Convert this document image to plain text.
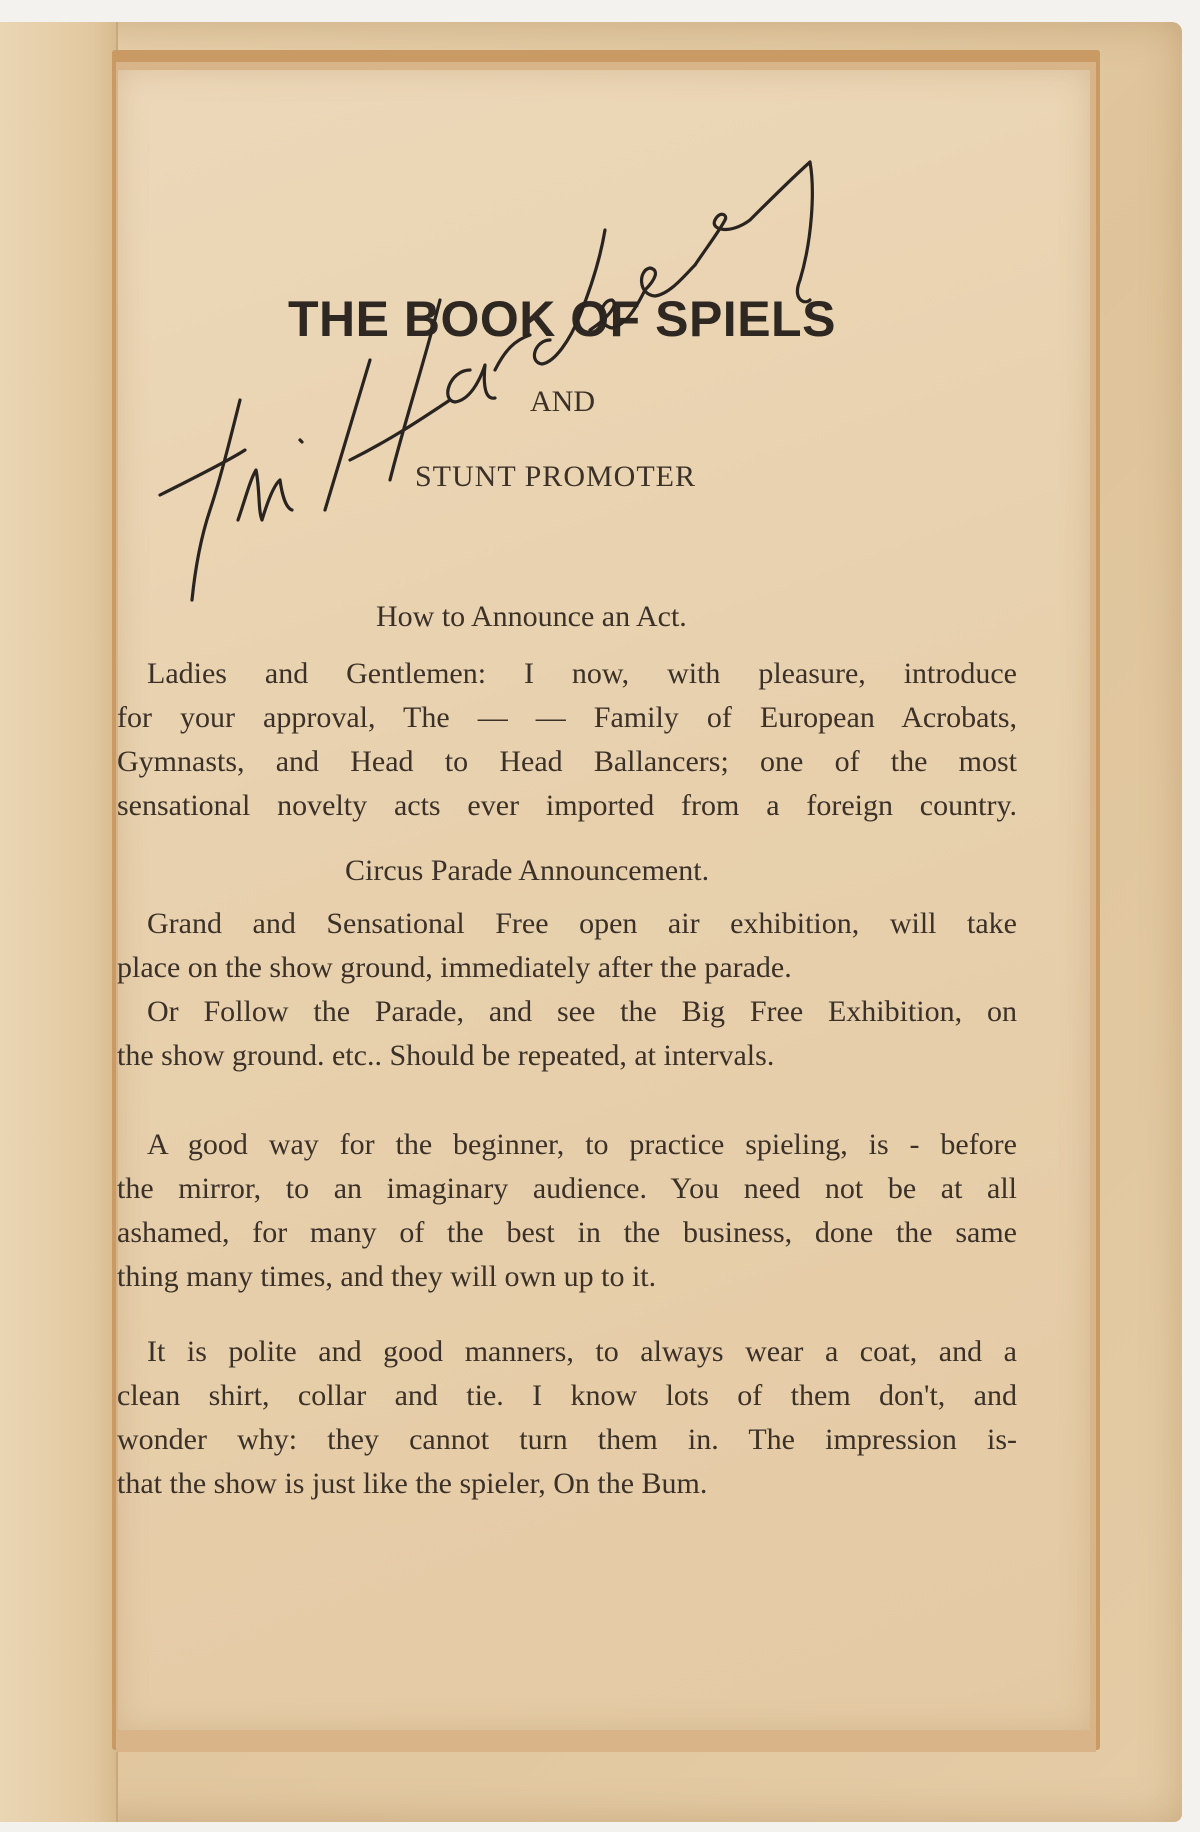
THE BOOK OF SPIELS
AND
STUNT PROMOTER
How to Announce an Act.
Ladies and Gentlemen: I now, with pleasure, introduce
for your approval, The — — Family of European Acrobats,
Gymnasts, and Head to Head Ballancers; one of the most
sensational novelty acts ever imported from a foreign country.
Circus Parade Announcement.
Grand and Sensational Free open air exhibition, will take
place on the show ground, immediately after the parade.
Or Follow the Parade, and see the Big Free Exhibition, on
the show ground. etc.. Should be repeated, at intervals.
A good way for the beginner, to practice spieling, is - before
the mirror, to an imaginary audience. You need not be at all
ashamed, for many of the best in the business, done the same
thing many times, and they will own up to it.
It is polite and good manners, to always wear a coat, and a
clean shirt, collar and tie. I know lots of them don't, and
wonder why: they cannot turn them in. The impression is-
that the show is just like the spieler, On the Bum.
